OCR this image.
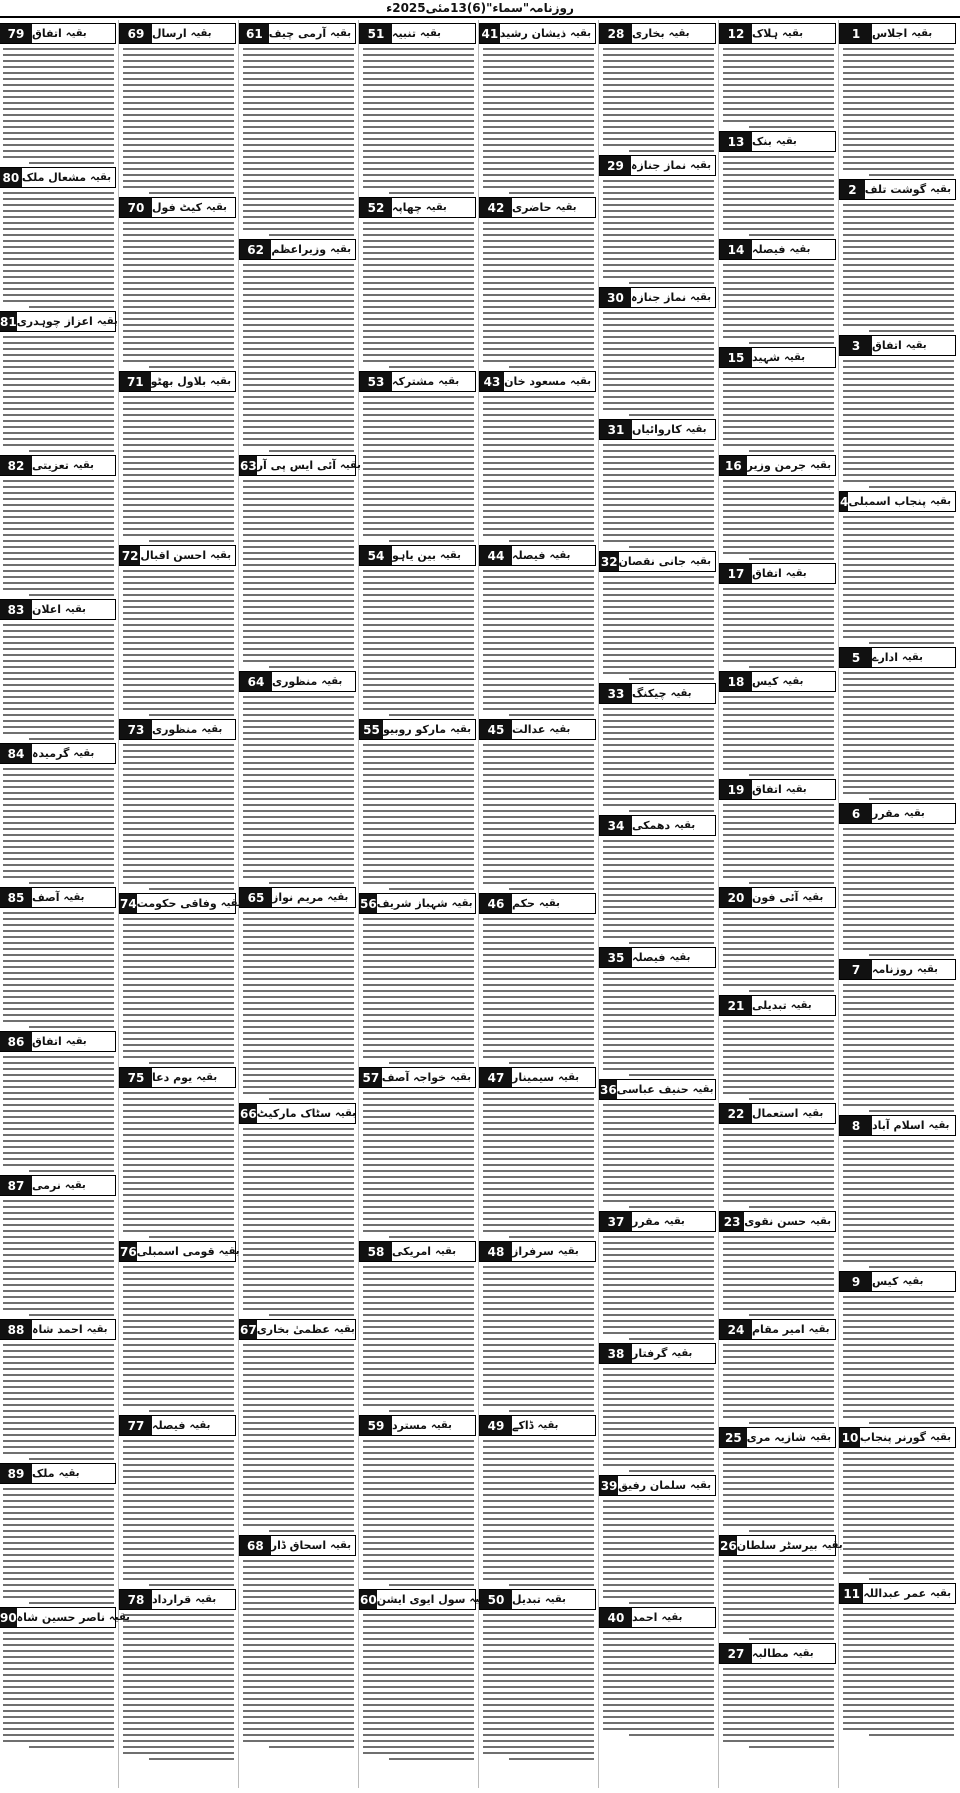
روزنامہ"سماء"(6)13مئی2025ء
1	بقیہ
اجلاس
2	بقیہ
گوشت تلف
3	بقیہ
اتفاق
4	بقیہ
پنجاب اسمبلی
5	بقیہ
ادارے
6	بقیہ
مقرر
7	بقیہ
روزنامہ
8	بقیہ
اسلام آباد
9	بقیہ
کیس
10	بقیہ
گورنر پنجاب
11	بقیہ
عمر عبداللہ
12	بقیہ
ہلاک
13	بقیہ
بنک
14	بقیہ
فیصلہ
15	بقیہ
شہید
16	بقیہ
جرمن وزیر
17	بقیہ
اتفاق
18	بقیہ
کیس
19	بقیہ
اتفاق
20	بقیہ
آئی فون
21	بقیہ
تبدیلی
22	بقیہ
استعمال
23	بقیہ
حسن نقوی
24	بقیہ
امیر مقام
25	بقیہ
شازیہ مری
26	بقیہ
بیرسٹر سلطان
27	بقیہ
مطالبہ
28	بقیہ
بخاری
29	بقیہ
نماز جنازہ
30	بقیہ
نماز جنازہ
31	بقیہ
کاروائیاں
32	بقیہ
جانی نقصان
33	بقیہ
چیکنگ
34	بقیہ
دھمکی
35	بقیہ
فیصلہ
36	بقیہ
حنیف عباسی
37	بقیہ
مقرر
38	بقیہ
گرفتار
39	بقیہ
سلمان رفیق
40	بقیہ
احمد
41	بقیہ
ذیشان رشید
42	بقیہ
حاضری
43	بقیہ
مسعود خان
44	بقیہ
فیصلہ
45	بقیہ
عدالت
46	بقیہ
حکم
47	بقیہ
سیمینار
48	بقیہ
سرفراز
49	بقیہ
ڈاکے
50	بقیہ
تبدیل
51	بقیہ
تنبیہ
52	بقیہ
چھاپہ
53	بقیہ
مشترکہ
54	بقیہ
بین یاہو
55	بقیہ
مارکو روبیو
56	بقیہ
شہباز شریف
57	بقیہ
خواجہ آصف
58	بقیہ
امریکی
59	بقیہ
مسترد
60	بقیہ
سول ایوی ایشن
61	بقیہ
آرمی چیف
62	بقیہ
وزیراعظم
63	بقیہ
آئی ایس پی آر
64	بقیہ
منظوری
65	بقیہ
مریم نواز
66	بقیہ
سٹاک مارکیٹ
67	بقیہ
عظمیٰ بخاری
68	بقیہ
اسحاق ڈار
69	بقیہ
ارسال
70	بقیہ
کیٹ فول
71	بقیہ
بلاول بھٹو
72	بقیہ
احسن اقبال
73	بقیہ
منظوری
74	بقیہ
وفاقی حکومت
75	بقیہ
یوم دعا
76	بقیہ
قومی اسمبلی
77	بقیہ
فیصلہ
78	بقیہ
قرارداد
79	بقیہ
اتفاق
80	بقیہ
مشعال ملک
81	بقیہ
اعزاز چوہدری
82	بقیہ
تعزیتی
83	بقیہ
اعلان
84	بقیہ
گرمیدہ
85	بقیہ
آصف
86	بقیہ
اتفاق
87	بقیہ
نرمی
88	بقیہ
احمد شاہ
89	بقیہ
ملک
90	بقیہ
ناصر حسین شاہ
